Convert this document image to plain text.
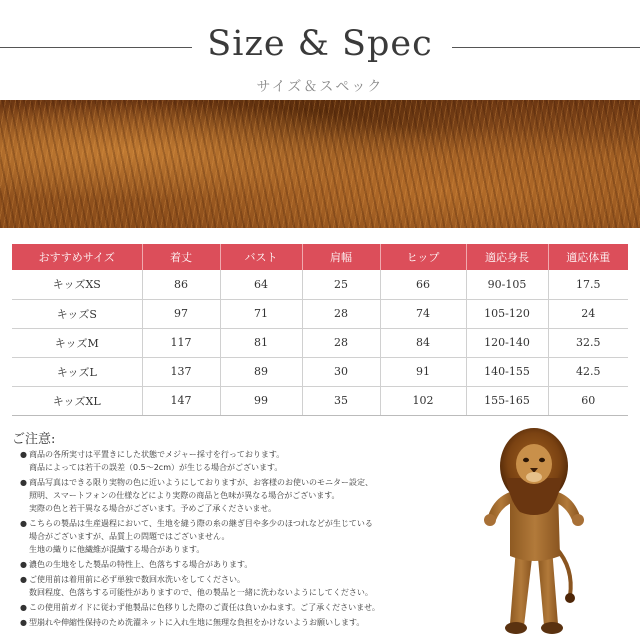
Size & Spec
サイズ＆スペック
おすすめサイズ	着丈	バスト	肩幅	ヒップ	適応身長	適応体重
キッズXS	86	64	25	66	90-105	17.5
キッズS	97	71	28	74	105-120	24
キッズM	117	81	28	84	120-140	32.5
キッズL	137	89	30	91	140-155	42.5
キッズXL	147	99	35	102	155-165	60
ご注意:
● 商品の各所実寸は平置きにした状態でメジャー採寸を行っております。
商品によっては若干の誤差（0.5〜2cm）が生じる場合がございます。
● 商品写真はできる限り実物の色に近いようにしておりますが、お客様のお使いのモニター設定、
照明、スマートフォンの仕様などにより実際の商品と色味が異なる場合がございます。
実際の色と若干異なる場合がございます。予めご了承くださいませ。
● こちらの製品は生産過程において、生地を縫う際の糸の継ぎ目や多少のほつれなどが生じている
場合がございますが、品質上の問題ではございません。
生地の織りに他繊維が混織する場合があります。
● 濃色の生地をした製品の特性上、色落ちする場合があります。
● ご使用前は着用前に必ず単独で数回水洗いをしてください。
数回程度、色落ちする可能性がありますので、他の製品と一緒に洗わないようにしてください。
● この使用前ガイドに従わず他製品に色移りした際のご責任は負いかねます。ご了承くださいませ。
● 型崩れや伸縮性保持のため洗濯ネットに入れ生地に無理な負担をかけないようお願いします。
